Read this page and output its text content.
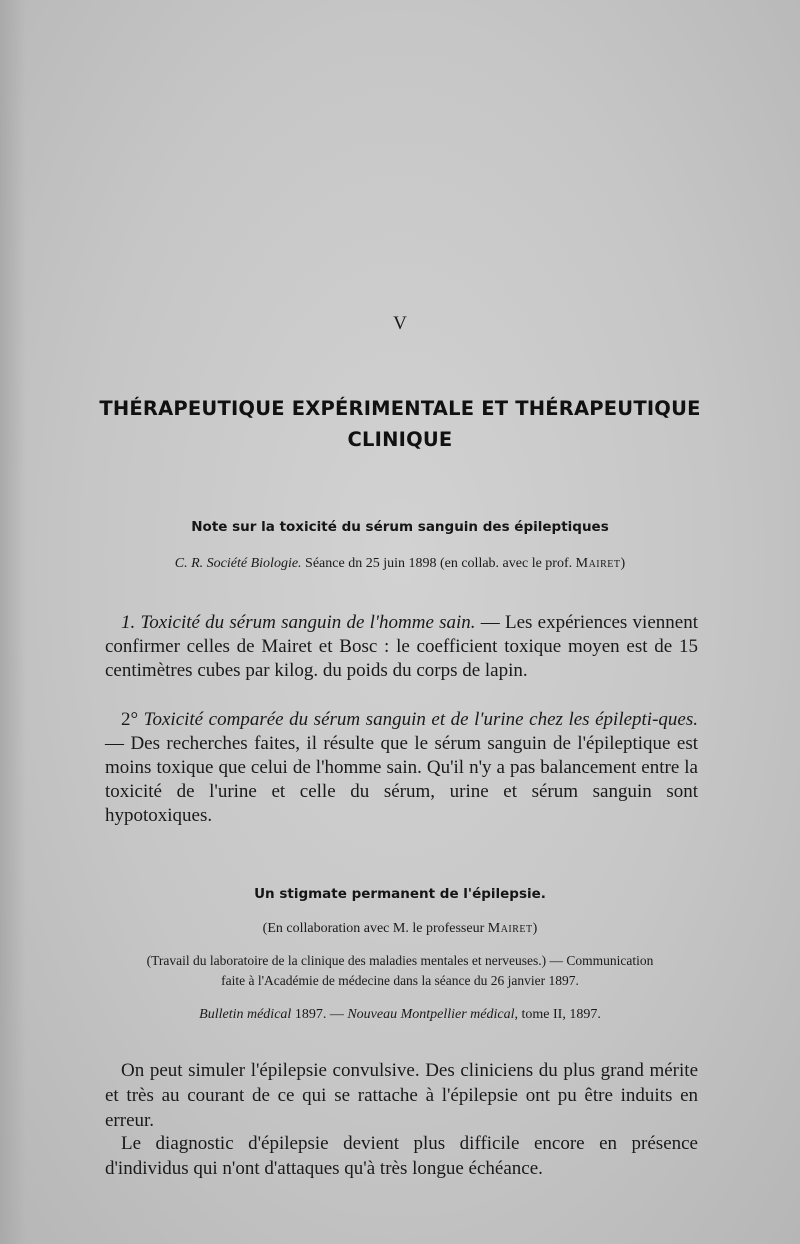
V
THÉRAPEUTIQUE EXPÉRIMENTALE ET THÉRAPEUTIQUE
CLINIQUE
Note sur la toxicité du sérum sanguin des épileptiques
C. R. Société Biologie. Séance dn 25 juin 1898 (en collab. avec le prof. Mairet)
1. Toxicité du sérum sanguin de l'homme sain. — Les expériences viennent confirmer celles de Mairet et Bosc : le coefficient toxique moyen est de 15 centimètres cubes par kilog. du poids du corps de lapin.
2° Toxicité comparée du sérum sanguin et de l'urine chez les épilepti-ques. — Des recherches faites, il résulte que le sérum sanguin de l'épileptique est moins toxique que celui de l'homme sain. Qu'il n'y a pas balancement entre la toxicité de l'urine et celle du sérum, urine et sérum sanguin sont hypotoxiques.
Un stigmate permanent de l'épilepsie.
(En collaboration avec M. le professeur Mairet)
(Travail du laboratoire de la clinique des maladies mentales et nerveuses.) — Communication
faite à l'Académie de médecine dans la séance du 26 janvier 1897.
Bulletin médical 1897. — Nouveau Montpellier médical, tome II, 1897.
On peut simuler l'épilepsie convulsive. Des cliniciens du plus grand mérite et très au courant de ce qui se rattache à l'épilepsie ont pu être induits en erreur.
Le diagnostic d'épilepsie devient plus difficile encore en présence d'individus qui n'ont d'attaques qu'à très longue échéance.
